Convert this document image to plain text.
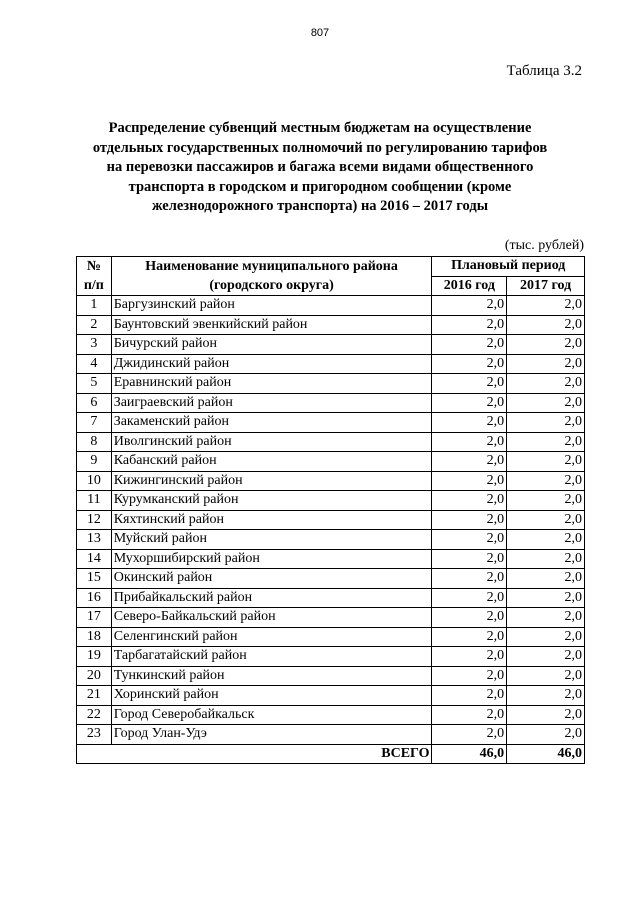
807
Таблица 3.2
Распределение субвенций местным бюджетам на осуществление
отдельных государственных полномочий по регулированию тарифов
на перевозки пассажиров и багажа всеми видами общественного
транспорта в городском и пригородном сообщении (кроме
железнодорожного транспорта) на 2016 – 2017 годы
(тыс. рублей)
№	Наименование муниципального района	Плановый период	
п/п	(городского округа)	2016 год	2017 год
1	Баргузинский район	2,0	2,0
2	Баунтовский эвенкийский район	2,0	2,0
3	Бичурский район	2,0	2,0
4	Джидинский район	2,0	2,0
5	Еравнинский район	2,0	2,0
6	Заиграевский район	2,0	2,0
7	Закаменский район	2,0	2,0
8	Иволгинский район	2,0	2,0
9	Кабанский район	2,0	2,0
10	Кижингинский район	2,0	2,0
11	Курумканский район	2,0	2,0
12	Кяхтинский район	2,0	2,0
13	Муйский район	2,0	2,0
14	Мухоршибирский район	2,0	2,0
15	Окинский район	2,0	2,0
16	Прибайкальский район	2,0	2,0
17	Северо-Байкальский район	2,0	2,0
18	Селенгинский район	2,0	2,0
19	Тарбагатайский район	2,0	2,0
20	Тункинский район	2,0	2,0
21	Хоринский район	2,0	2,0
22	Город Северобайкальск	2,0	2,0
23	Город Улан-Удэ	2,0	2,0
ВСЕГО		46,0	46,0
